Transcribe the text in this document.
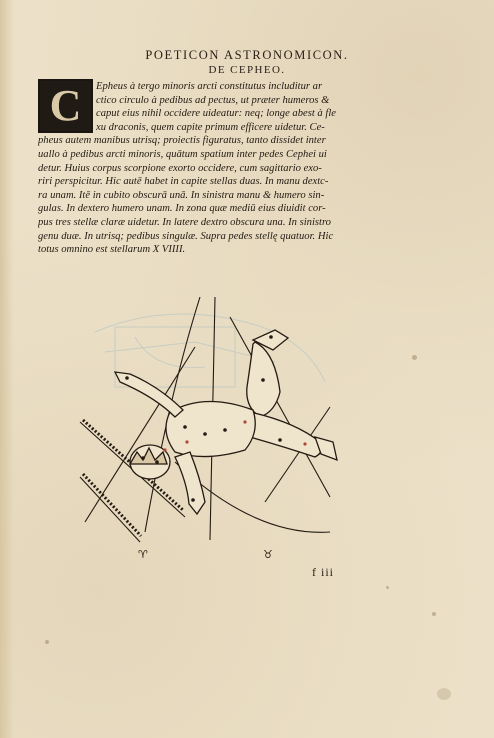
POETICON ASTRONOMICON.
DE CEPHEO.
C	Epheus à tergo minoris arcti constitutus includitur ar
ctico circulo à pedibus ad pectus, ut præter humeros &
caput eius nihil occidere uideatur: neq; longe abest à fle
xu draconis, quem capite primum efficere uidetur. Ce-
pheus autem manibus utrisq; proiectis figuratus, tanto dissidet inter
uallo à pedibus arcti minoris, quātum spatium inter pedes Cephei ui
detur. Huius corpus scorpione exorto occidere, cum sagittario exo-
riri perspicitur. Hic autē habet in capite stellas duas. In manu dextc-
ra unam. Itē in cubito obscurā unā. In sinistra manu & humero sin-
gulas. In dextero humero unam. In zona quæ mediū eius diuidit cor-
pus tres stellæ claræ uidetur. In latere dextro obscura una. In sinistro
genu duæ. In utrisq; pedibus singulæ. Supra pedes stellę quatuor. Hic
totus omnino est stellarum X VIIII.
♈	♉
f iii
